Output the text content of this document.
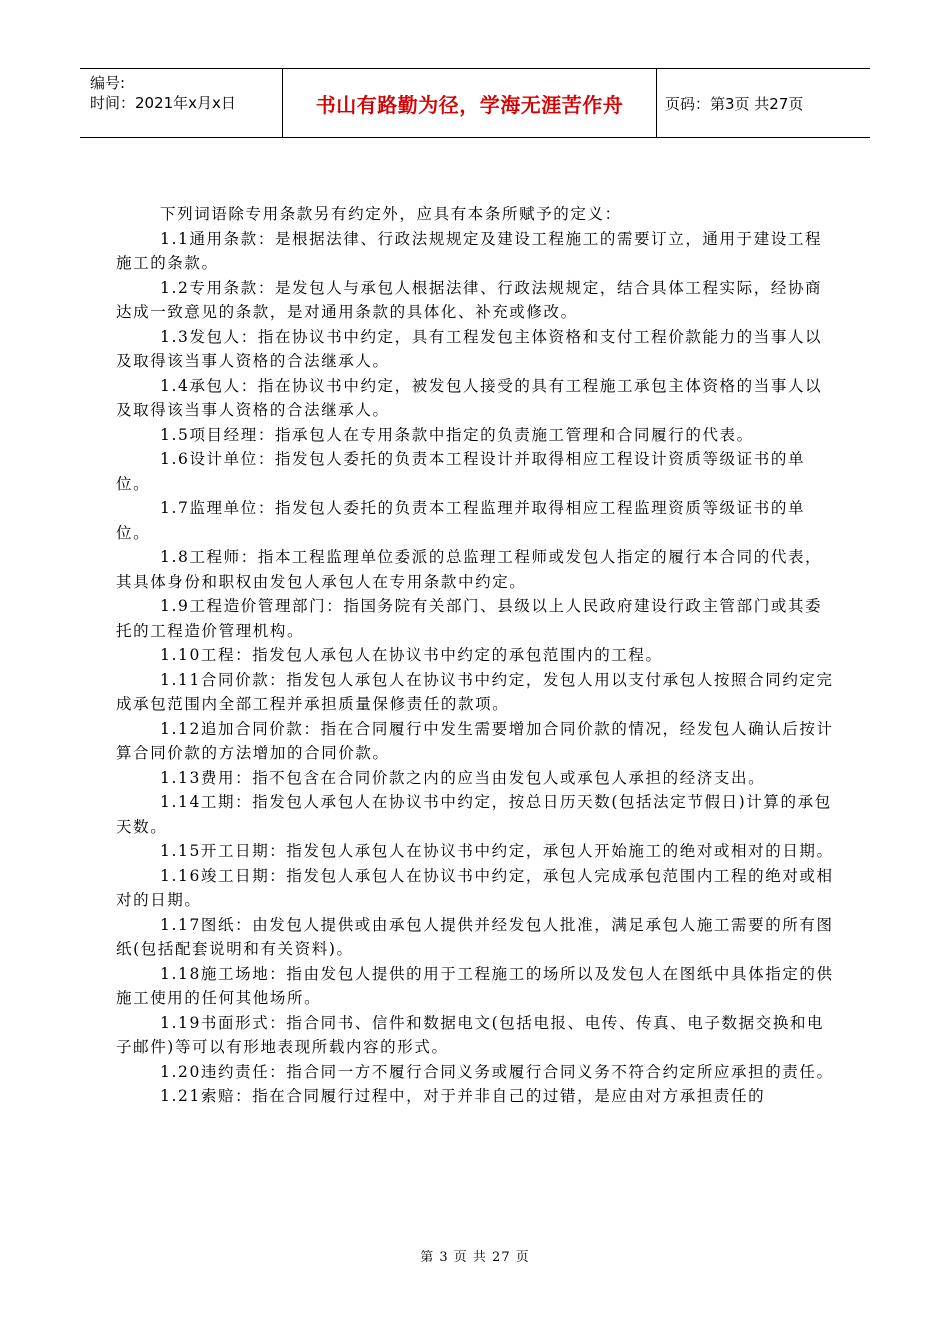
编号:
时间：2021年x月x日	书山有路勤为径，学海无涯苦作舟	页码：第3页 共27页

下列词语除专用条款另有约定外，应具有本条所赋予的定义：

1.1通用条款：是根据法律、行政法规规定及建设工程施工的需要订立，通用于建设工程施工的条款。

1.2专用条款：是发包人与承包人根据法律、行政法规规定，结合具体工程实际，经协商达成一致意见的条款，是对通用条款的具体化、补充或修改。

1.3发包人：指在协议书中约定，具有工程发包主体资格和支付工程价款能力的当事人以及取得该当事人资格的合法继承人。

1.4承包人：指在协议书中约定，被发包人接受的具有工程施工承包主体资格的当事人以及取得该当事人资格的合法继承人。

1.5项目经理：指承包人在专用条款中指定的负责施工管理和合同履行的代表。

1.6设计单位：指发包人委托的负责本工程设计并取得相应工程设计资质等级证书的单位。

1.7监理单位：指发包人委托的负责本工程监理并取得相应工程监理资质等级证书的单位。

1.8工程师：指本工程监理单位委派的总监理工程师或发包人指定的履行本合同的代表，其具体身份和职权由发包人承包人在专用条款中约定。

1.9工程造价管理部门：指国务院有关部门、县级以上人民政府建设行政主管部门或其委托的工程造价管理机构。

1.10工程：指发包人承包人在协议书中约定的承包范围内的工程。

1.11合同价款：指发包人承包人在协议书中约定，发包人用以支付承包人按照合同约定完成承包范围内全部工程并承担质量保修责任的款项。

1.12追加合同价款：指在合同履行中发生需要增加合同价款的情况，经发包人确认后按计算合同价款的方法增加的合同价款。

1.13费用：指不包含在合同价款之内的应当由发包人或承包人承担的经济支出。

1.14工期：指发包人承包人在协议书中约定，按总日历天数(包括法定节假日)计算的承包天数。

1.15开工日期：指发包人承包人在协议书中约定，承包人开始施工的绝对或相对的日期。

1.16竣工日期：指发包人承包人在协议书中约定，承包人完成承包范围内工程的绝对或相对的日期。

1.17图纸：由发包人提供或由承包人提供并经发包人批准，满足承包人施工需要的所有图纸(包括配套说明和有关资料)。

1.18施工场地：指由发包人提供的用于工程施工的场所以及发包人在图纸中具体指定的供施工使用的任何其他场所。

1.19书面形式：指合同书、信件和数据电文(包括电报、电传、传真、电子数据交换和电子邮件)等可以有形地表现所载内容的形式。

1.20违约责任：指合同一方不履行合同义务或履行合同义务不符合约定所应承担的责任。

1.21索赔：指在合同履行过程中，对于并非自己的过错，是应由对方承担责任的

第 3 页 共 27 页
